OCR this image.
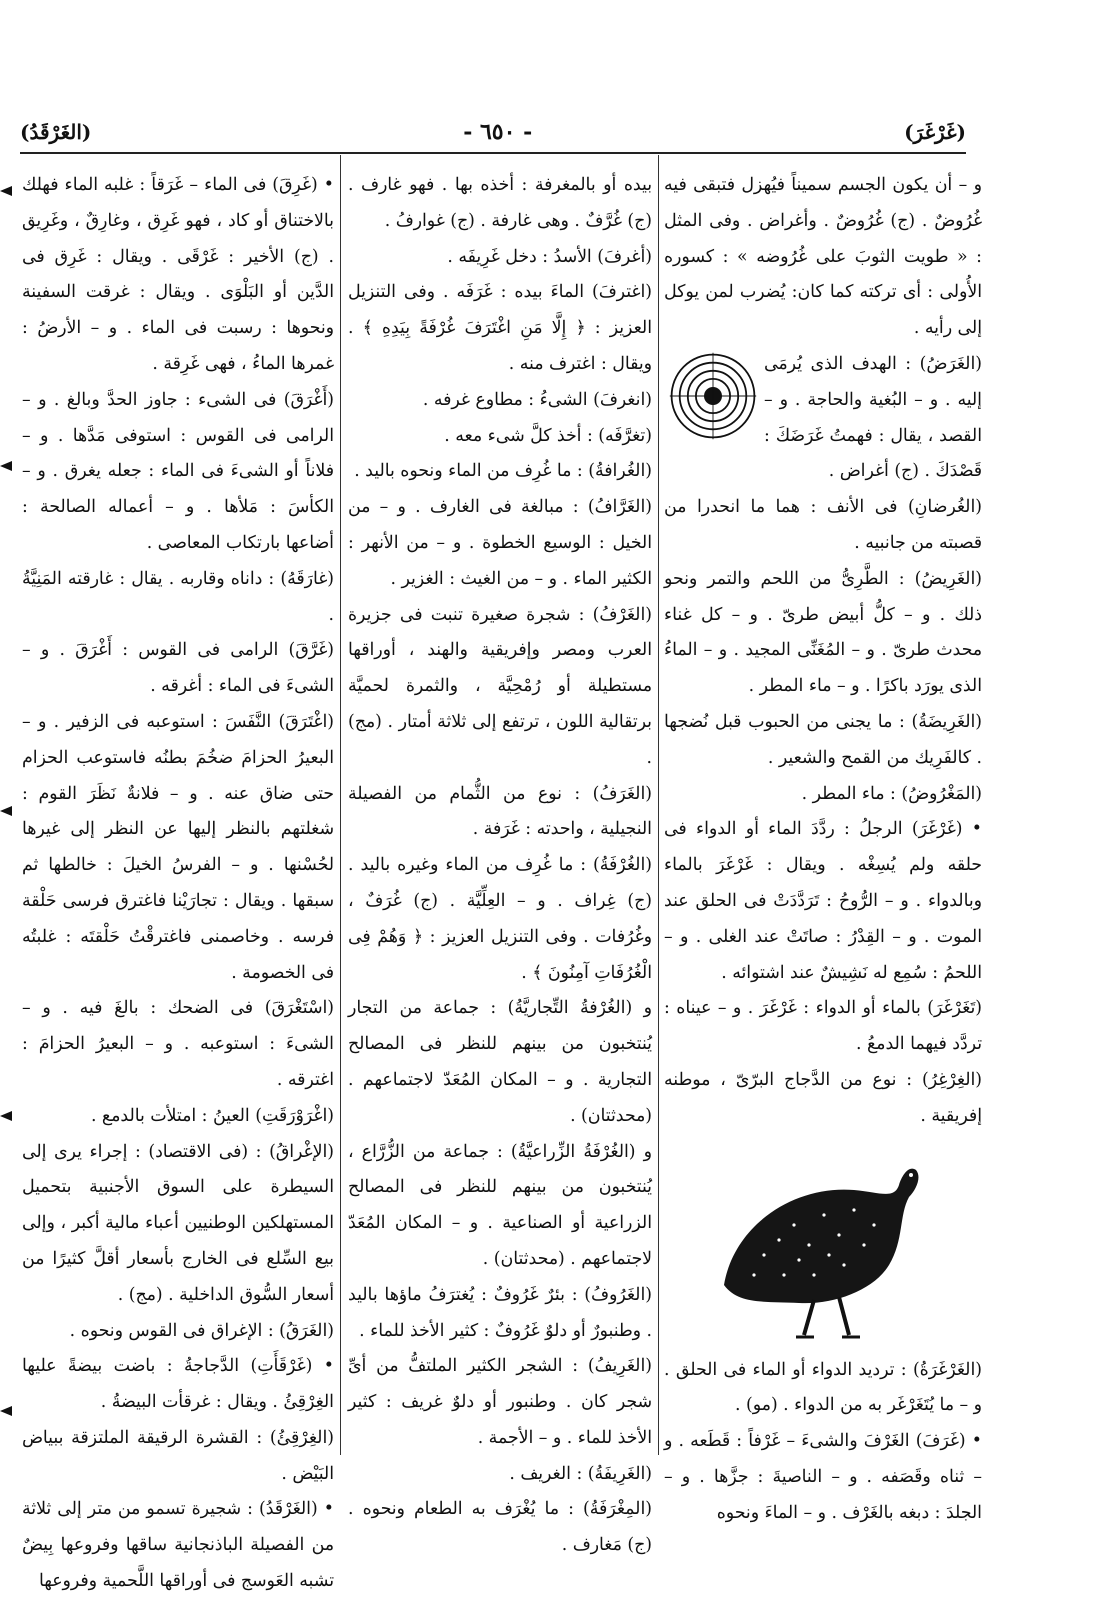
(غَرْغَرَ)
- ٦٥٠ -
(الغَرْقَدُ)

و – أن يكون الجسم سميناً فيُهزل فتبقى فيه غُرُوضٌ . (ج) غُرُوضٌ . وأغراض . وفى المثل : « طويت الثوبَ على غُرُوضه » : كسوره الأُولى : أى تركته كما كان: يُضرب لمن يوكل إلى رأيه .

(الغَرَضُ) : الهدف الذى يُرمَى إليه . و – البُغية والحاجة . و – القصد ، يقال : فهمتُ غَرَضَكَ : قَصْدَكَ . (ج) أغراض .

(الغُرضانِ) فى الأنف : هما ما انحدرا من قصبته من جانبيه .

(الغَرِيضُ) : الطَّرِىُّ من اللحم والتمر ونحو ذلك . و – كلُّ أبيض طرىّ . و – كل غناء محدث طرىّ . و – المُغَنِّى المجيد . و – الماءُ الذى يورَد باكرًا . و – ماء المطر .

(الغَرِيضَةُ) : ما يجنى من الحبوب قبل نُضجها . كالفَرِيك من القمح والشعير .

(المَغْرُوضُ) : ماء المطر .

• (غَرْغَرَ) الرجلُ : ردَّدَ الماء أو الدواء فى حلقه ولم يُسِغْه . ويقال : غَرْغَرَ بالماء وبالدواء . و – الرُّوحُ : تَرَدَّدَتْ فى الحلق عند الموت . و – القِدْرُ : صاتَتْ عند الغلى . و – اللحمُ : سُمِع له نَشِيشٌ عند اشتوائه .

(تَغَرْغَرَ) بالماء أو الدواء : غَرْغَرَ . و – عيناه : تردَّد فيهما الدمعُ .

(الغِرْغِرُ) : نوع من الدَّجاج البرّىّ ، موطنه إفريقية .

(الغَرْغَرَةُ) : ترديد الدواء أو الماء فى الحلق . و – ما يُتَغَرْغَر به من الدواء . (مو) .

• (غَرَفَ) الغَرْفَ والشىءَ – غَرْفاً : قَطَعه . و – ثناه وقَصَفه . و – الناصيةَ : جزَّها . و – الجلدَ : دبغه بالغَرْف . و – الماءَ ونحوه

بيده أو بالمغرفة : أخذه بها . فهو غارف . (ج) غُرَّفٌ . وهى غارفة . (ج) غوارفُ .

(أغرفَ) الأسدُ : دخل غَرِيفَه .

(اغترفَ) الماءَ بيده : غَرَفَه . وفى التنزيل العزيز : ﴿ إِلَّا مَنِ اغْتَرَفَ غُرْفَةً بِيَدِهِ ﴾ . ويقال : اغترف منه .

(انغرفَ) الشىءُ : مطاوع غرفه .

(تغرَّفَه) : أخذ كلَّ شىء معه .

(الغُرافةُ) : ما غُرِف من الماء ونحوه باليد .

(الغَرَّافُ) : مبالغة فى الغارف . و – من الخيل : الوسيع الخطوة . و – من الأنهر : الكثير الماء . و – من الغيث : الغزير .

(الغَرْفُ) : شجرة صغيرة تنبت فى جزيرة العرب ومصر وإفريقية والهند ، أوراقها مستطيلة أو رُمْحِيَّة ، والثمرة لحميَّة برتقالية اللون ، ترتفع إلى ثلاثة أمتار . (مج) .

(الغَرَفُ) : نوع من الثُّمام من الفصيلة النجيلية ، واحدته : غَرَفة .

(الغُرْفَةُ) : ما غُرِف من الماء وغيره باليد . (ج) غِراف . و – العِلِّيَّة . (ج) غُرَفٌ ، وغُرُفات . وفى التنزيل العزيز : ﴿ وَهُمْ فِى الْغُرُفَاتِ آمِنُونَ ﴾ .

و (الغُرْفةُ التِّجاريَّةُ) : جماعة من التجار يُنتخبون من بينهم للنظر فى المصالح التجارية . و – المكان المُعَدّ لاجتماعهم . (محدثتان) .

و (الغُرْفَةُ الزِّراعيَّةُ) : جماعة من الزُّرَّاع ، يُنتخبون من بينهم للنظر فى المصالح الزراعية أو الصناعية . و – المكان المُعَدّ لاجتماعهم . (محدثتان) .

(الغَرُوفُ) : بئرٌ غَرُوفٌ : يُغترَفُ ماؤها باليد . وطنبورٌ أو دلوٌ غَرُوفٌ : كثير الأخذ للماء .

(الغَرِيفُ) : الشجر الكثير الملتفُّ من أىِّ شجر كان . وطنبور أو دلوٌ غريف : كثير الأخذ للماء . و – الأجمة .

(الغَرِيفَةُ) : الغريف .

(المِغْرَفَةُ) : ما يُغْرَف به الطعام ونحوه . (ج) مَغارف .

• (غَرِقَ) فى الماء – غَرَقاً : غلبه الماء فهلك بالاختناق أو كاد ، فهو غَرِق ، وغارِقٌ ، وغَرِيق . (ج) الأخير : غَرْقَى . ويقال : غَرِق فى الدَّين أو البَلْوَى . ويقال : غرقت السفينة ونحوها : رسبت فى الماء . و – الأرضُ : غمرها الماءُ ، فهى غَرِقة .

(أَغْرَقَ) فى الشىء : جاوز الحدَّ وبالغ . و – الرامى فى القوس : استوفى مَدَّها . و – فلاناً أو الشىءَ فى الماء : جعله يغرق . و – الكأسَ : مَلأها . و – أعماله الصالحة : أضاعها بارتكاب المعاصى .

(غارَقَهُ) : داناه وقاربه . يقال : غارقته المَنِيَّةُ .

(غَرَّقَ) الرامى فى القوس : أَغْرَقَ . و – الشىءَ فى الماء : أغرقه .

(اغْتَرَقَ) النَّفَسَ : استوعبه فى الزفير . و – البعيرُ الحزامَ ضخُمَ بطنُه فاستوعب الحزام حتى ضاق عنه . و – فلانةٌ نَظَرَ القوم : شغلتهم بالنظر إليها عن النظر إلى غيرها لحُسْنها . و – الفرسُ الخيلَ : خالطها ثم سبقها . ويقال : تجارَيْنا فاغترق فرسى حَلْقة فرسه . وخاصمنى فاغترقْتُ حَلْقتَه : غلبتُه فى الخصومة .

(اسْتَغْرَقَ) فى الضحك : بالغَ فيه . و – الشىءَ : استوعبه . و – البعيرُ الحزامَ : اغترقه .

(اغْرَوْرَقَتِ) العينُ : امتلأت بالدمع .

(الإغْراقُ) : (فى الاقتصاد) : إجراء يرى إلى السيطرة على السوق الأجنبية بتحميل المستهلكين الوطنيين أعباء مالية أكبر ، وإلى بيع السِّلع فى الخارج بأسعار أقلَّ كثيرًا من أسعار السُّوق الداخلية . (مج) .

(الغَرَقُ) : الإغراق فى القوس ونحوه .

• (غَرْقَأَتِ) الدَّجاجةُ : باضت بيضةً عليها الغِرْقِئُ . ويقال : غرقأت البيضةُ .

(الغِرْقِئُ) : القشرة الرقيقة الملتزقة ببياض البَيْض .

• (الغَرْقَدُ) : شجيرة تسمو من متر إلى ثلاثة من الفصيلة الباذنجانية ساقها وفروعها بِيضٌ تشبه العَوسج فى أوراقها اللَّحمية وفروعها
